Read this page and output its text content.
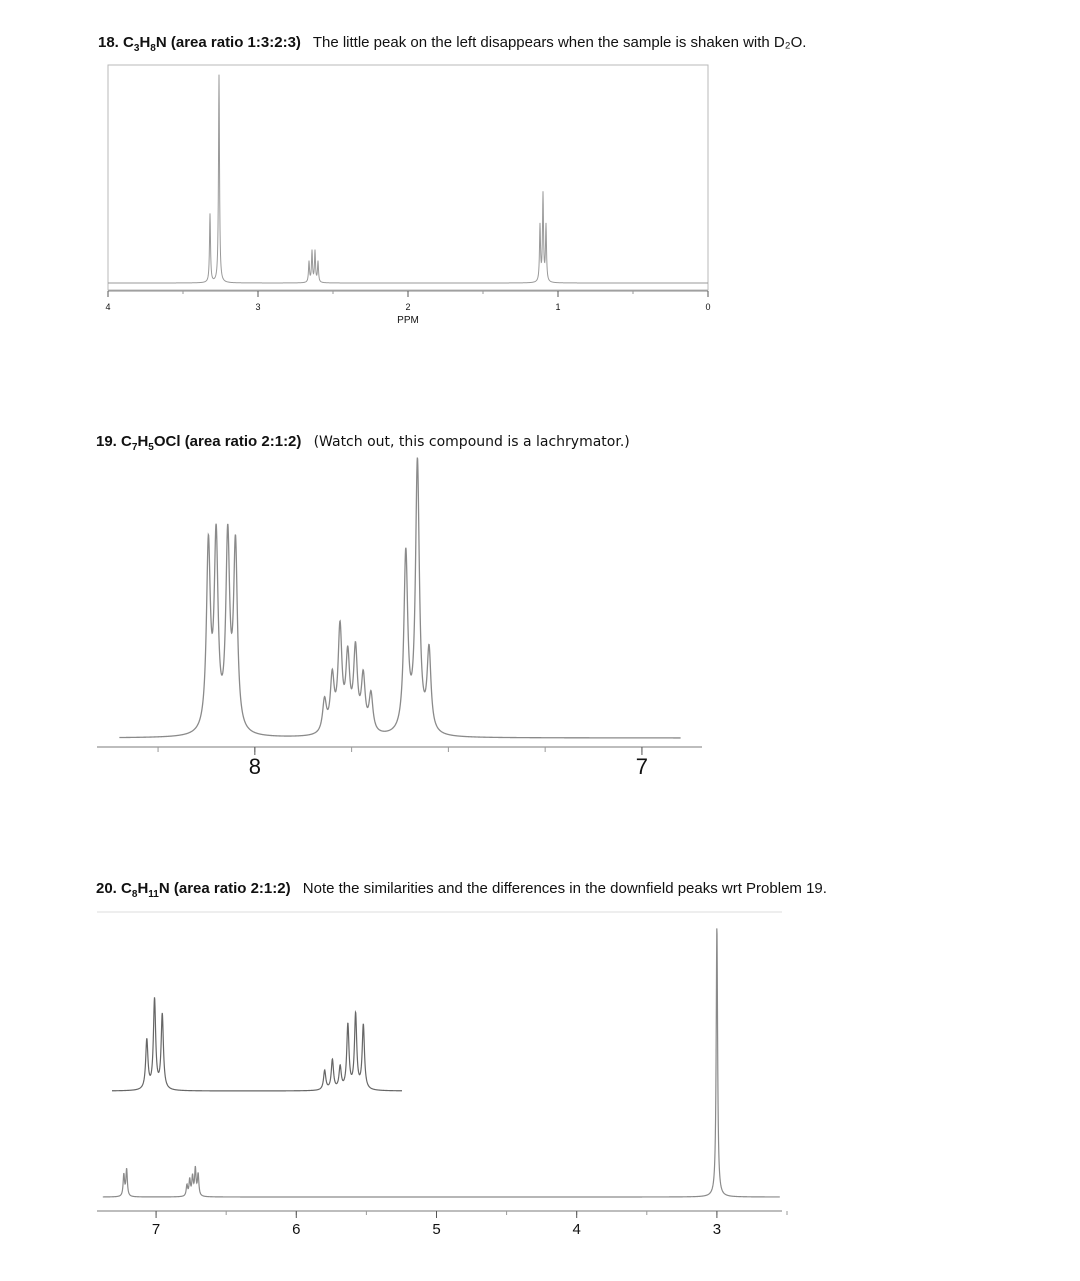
18. $C_3H_8N$ (area ratio 1:3:2:3) The little peak on the left disappears when the sample is shaken with D₂O.
19. $C_7H_5OCl$ (area ratio 2:1:2) (Watch out, this compound is a lachrymator.)
20. $C_8H_{11}N$ (area ratio 2:1:2) Note the similarities and the differences in the downfield peaks wrt Problem 19.
4	3	2	1	0
PPM
8	7
7	6	5	4	3
